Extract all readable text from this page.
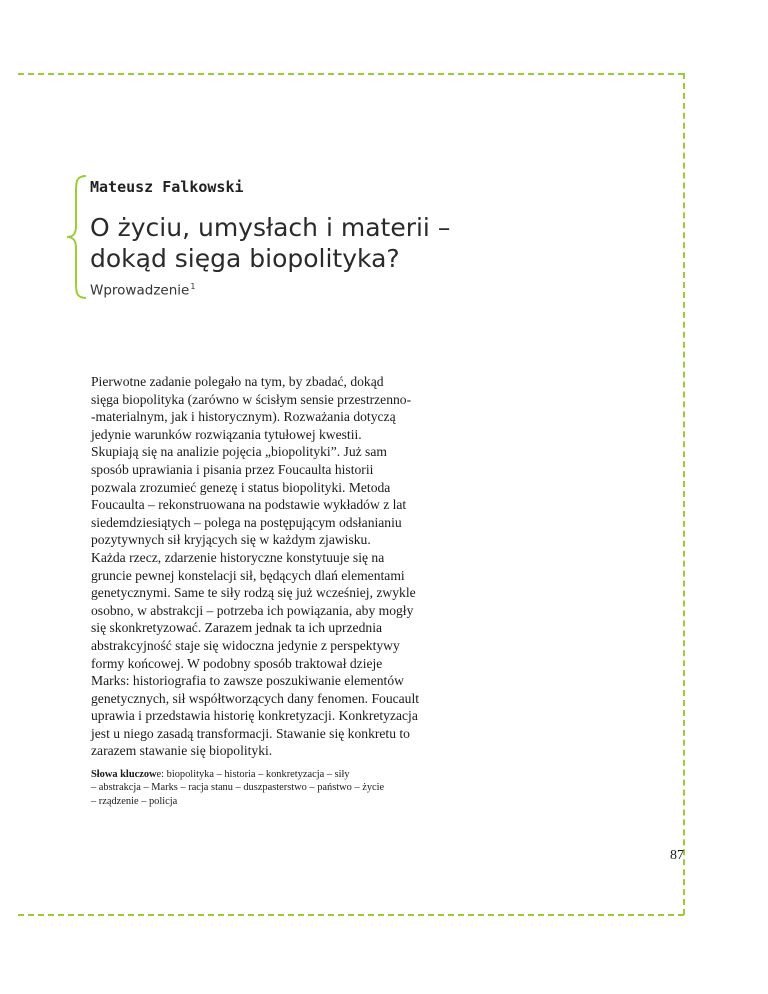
Mateusz Falkowski
O życiu, umysłach i materii –
dokąd sięga biopolityka?
Wprowadzenie$^1$
Pierwotne zadanie polegało na tym, by zbadać, dokąd
sięga biopolityka (zarówno w ścisłym sensie przestrzenno-
-materialnym, jak i historycznym). Rozważania dotyczą
jedynie warunków rozwiązania tytułowej kwestii.
Skupiają się na analizie pojęcia „biopolityki”. Już sam
sposób uprawiania i pisania przez Foucaulta historii
pozwala zrozumieć genezę i status biopolityki. Metoda
Foucaulta – rekonstruowana na podstawie wykładów z lat
siedemdziesiątych – polega na postępującym odsłanianiu
pozytywnych sił kryjących się w każdym zjawisku.
Każda rzecz, zdarzenie historyczne konstytuuje się na
gruncie pewnej konstelacji sił, będących dlań elementami
genetycznymi. Same te siły rodzą się już wcześniej, zwykle
osobno, w abstrakcji – potrzeba ich powiązania, aby mogły
się skonkretyzować. Zarazem jednak ta ich uprzednia
abstrakcyjność staje się widoczna jedynie z perspektywy
formy końcowej. W podobny sposób traktował dzieje
Marks: historiografia to zawsze poszukiwanie elementów
genetycznych, sił współtworzących dany fenomen. Foucault
uprawia i przedstawia historię konkretyzacji. Konkretyzacja
jest u niego zasadą transformacji. Stawanie się konkretu to
zarazem stawanie się biopolityki.
Słowa kluczowe: biopolityka – historia – konkretyzacja – siły
– abstrakcja – Marks – racja stanu – duszpasterstwo – państwo – życie
– rządzenie – policja
87
